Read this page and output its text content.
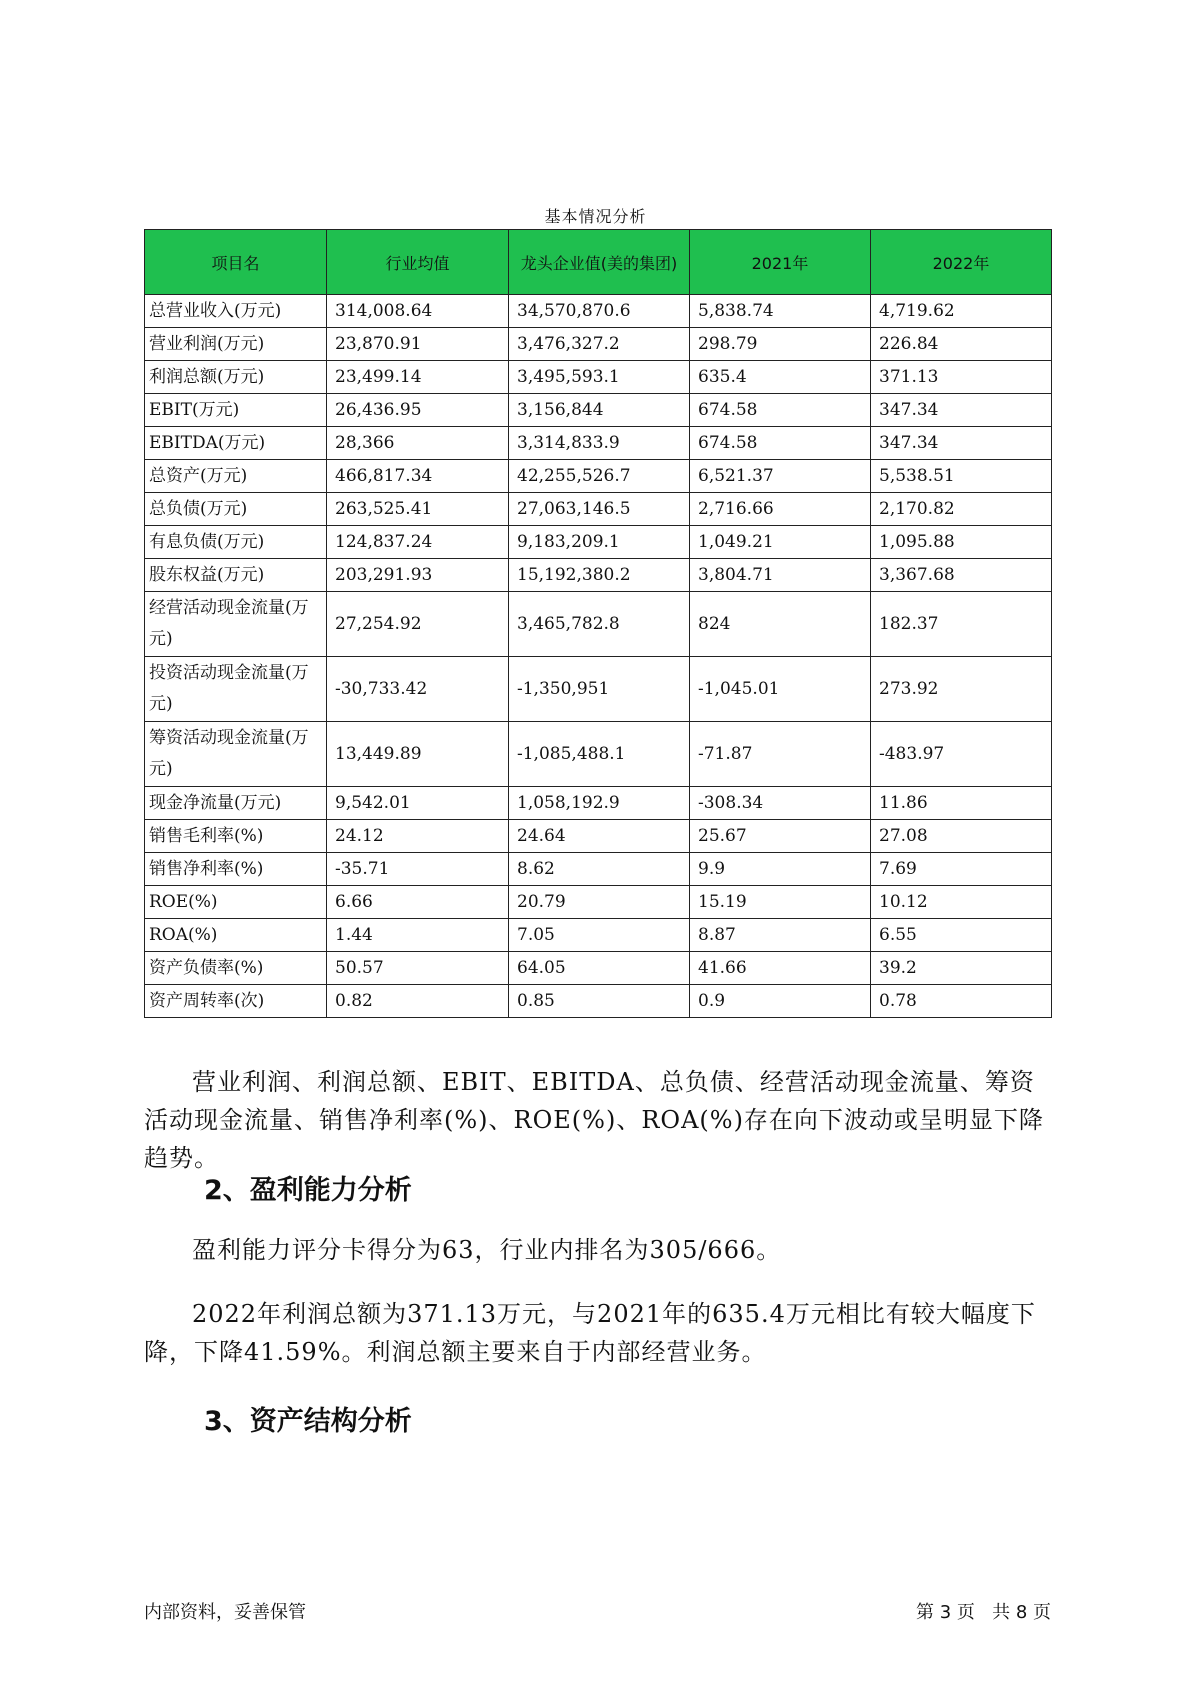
基本情况分析
项目名	行业均值	龙头企业值(美的集团)	2021年	2022年
总营业收入(万元)	314,008.64	34,570,870.6	5,838.74	4,719.62
营业利润(万元)	23,870.91	3,476,327.2	298.79	226.84
利润总额(万元)	23,499.14	3,495,593.1	635.4	371.13
EBIT(万元)	26,436.95	3,156,844	674.58	347.34
EBITDA(万元)	28,366	3,314,833.9	674.58	347.34
总资产(万元)	466,817.34	42,255,526.7	6,521.37	5,538.51
总负债(万元)	263,525.41	27,063,146.5	2,716.66	2,170.82
有息负债(万元)	124,837.24	9,183,209.1	1,049.21	1,095.88
股东权益(万元)	203,291.93	15,192,380.2	3,804.71	3,367.68
经营活动现金流量(万元)	27,254.92	3,465,782.8	824	182.37
投资活动现金流量(万元)	-30,733.42	-1,350,951	-1,045.01	273.92
筹资活动现金流量(万元)	13,449.89	-1,085,488.1	-71.87	-483.97
现金净流量(万元)	9,542.01	1,058,192.9	-308.34	11.86
销售毛利率(%)	24.12	24.64	25.67	27.08
销售净利率(%)	-35.71	8.62	9.9	7.69
ROE(%)	6.66	20.79	15.19	10.12
ROA(%)	1.44	7.05	8.87	6.55
资产负债率(%)	50.57	64.05	41.66	39.2
资产周转率(次)	0.82	0.85	0.9	0.78
营业利润、利润总额、EBIT、EBITDA、总负债、经营活动现金流量、筹资活动现金流量、销售净利率(%)、ROE(%)、ROA(%)存在向下波动或呈明显下降趋势。
2、盈利能力分析
盈利能力评分卡得分为63，行业内排名为305/666。
2022年利润总额为371.13万元，与2021年的635.4万元相比有较大幅度下降，下降41.59%。利润总额主要来自于内部经营业务。
3、资产结构分析
内部资料，妥善保管	第 3 页   共 8 页
